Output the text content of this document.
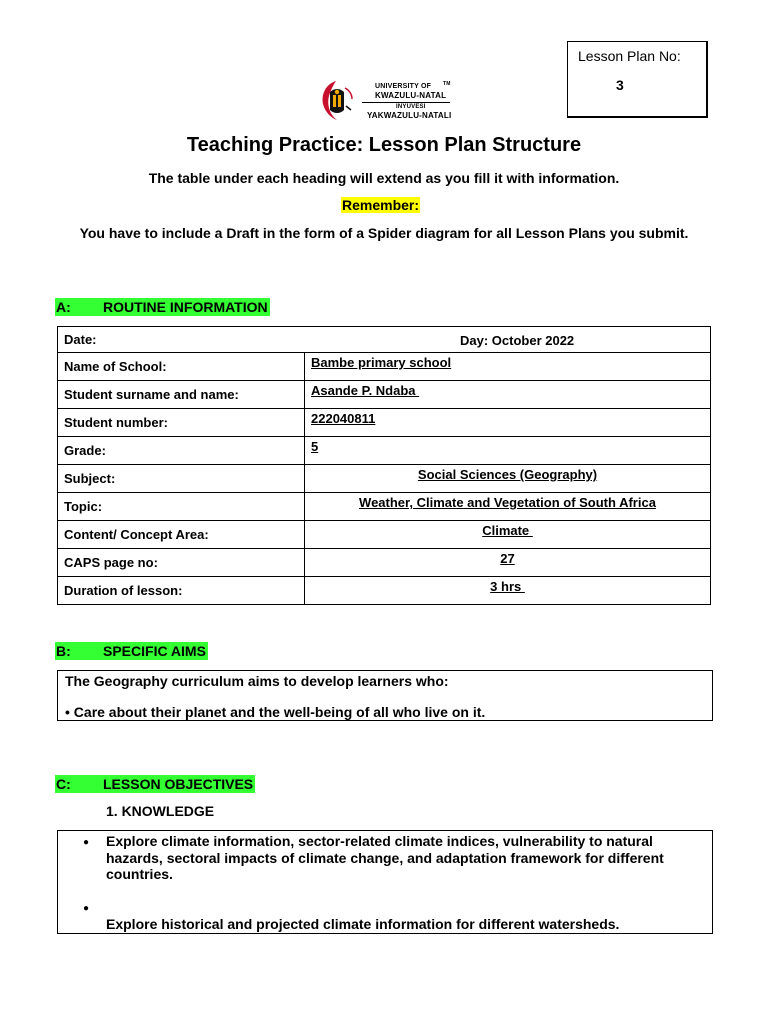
Lesson Plan No:
3
UNIVERSITY OF
KWAZULU-NATAL
TM
INYUVESI
YAKWAZULU-NATALI
Teaching Practice: Lesson Plan Structure
The table under each heading will extend as you fill it with information.
Remember:
You have to include a Draft in the form of a Spider diagram for all Lesson Plans you submit.
A: ROUTINE INFORMATION
Date: Day: October 2022	

Name of School:	Bambe primary school
Student surname and name:	Asande P. Ndaba
Student number:	222040811
Grade:	5
Subject:	Social Sciences (Geography)
Topic:	Weather, Climate and Vegetation of South Africa
Content/ Concept Area:	Climate
CAPS page no:	27
Duration of lesson:	3 hrs
B: SPECIFIC AIMS
The Geography curriculum aims to develop learners who:
• Care about their planet and the well-being of all who live on it.
C: LESSON OBJECTIVES
1. KNOWLEDGE
● Explore climate information, sector-related climate indices, vulnerability to natural hazards, sectoral impacts of climate change, and adaptation framework for different countries.
●
Explore historical and projected climate information for different watersheds.
